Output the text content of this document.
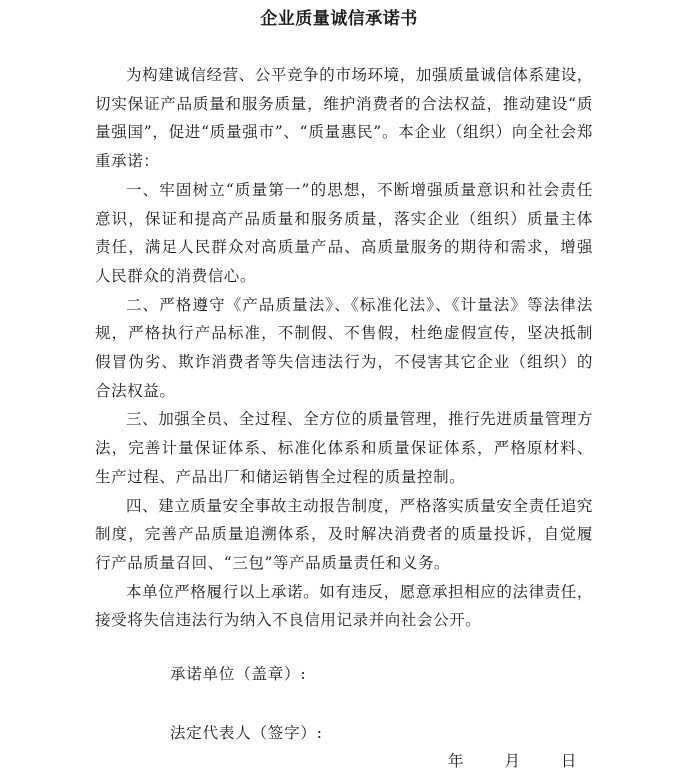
企业质量诚信承诺书

为构建诚信经营、公平竞争的市场环境，加强质量诚信体系建设，切实保证产品质量和服务质量，维护消费者的合法权益，推动建设“质量强国”，促进“质量强市”、“质量惠民”。本企业（组织）向全社会郑重承诺：

一、牢固树立“质量第一”的思想，不断增强质量意识和社会责任意识，保证和提高产品质量和服务质量，落实企业（组织）质量主体责任，满足人民群众对高质量产品、高质量服务的期待和需求，增强人民群众的消费信心。

二、严格遵守《产品质量法》、《标准化法》、《计量法》等法律法规，严格执行产品标准，不制假、不售假，杜绝虚假宣传，坚决抵制假冒伪劣、欺诈消费者等失信违法行为，不侵害其它企业（组织）的合法权益。

三、加强全员、全过程、全方位的质量管理，推行先进质量管理方法，完善计量保证体系、标准化体系和质量保证体系，严格原材料、生产过程、产品出厂和储运销售全过程的质量控制。

四、建立质量安全事故主动报告制度，严格落实质量安全责任追究制度，完善产品质量追溯体系，及时解决消费者的质量投诉，自觉履行产品质量召回、“三包”等产品质量责任和义务。

本单位严格履行以上承诺。如有违反，愿意承担相应的法律责任，接受将失信违法行为纳入不良信用记录并向社会公开。

承诺单位（盖章）:
法定代表人（签字）:
年	月	日
